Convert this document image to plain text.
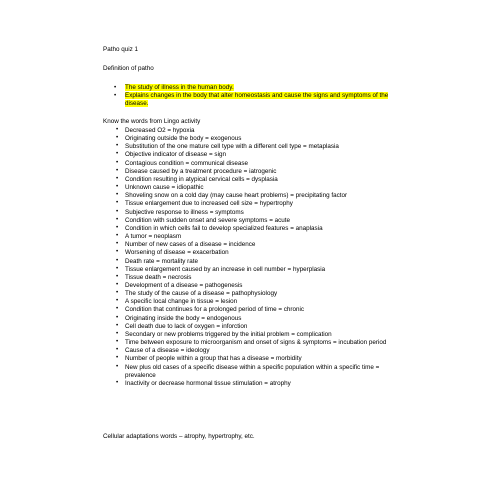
Patho quiz 1
Definition of patho
• The study of illness in the human body.
• Explains changes in the body that alter homeostasis and cause the signs and symptoms of the disease.
Know the words from Lingo activity
• Decreased O2 = hypoxia
• Originating outside the body = exogenous
• Substitution of the one mature cell type with a different cell type = metaplasia
• Objective indicator of disease = sign
• Contagious condition = communical disease
• Disease caused by a treatment procedure = iatrogenic
• Condition resulting in atypical cervical cells = dysplasia
• Unknown cause = idiopathic
• Shoveling snow on a cold day (may cause heart problems) = precipitating factor
• Tissue enlargement due to increased cell size = hypertrophy
• Subjective response to illness = symptoms
• Condition with sudden onset and severe symptoms = acute
• Condition in which cells fail to develop specialized features = anaplasia
• A tumor = neoplasm
• Number of new cases of a disease = incidence
• Worsening of disease = exacerbation
• Death rate = mortality rate
• Tissue enlargement caused by an increase in cell number = hyperplasia
• Tissue death = necrosis
• Development of a disease = pathogenesis
• The study of the cause of a disease = pathophysiology
• A specific local change in tissue = lesion
• Condition that continues for a prolonged period of time = chronic
• Originating inside the body = endogenous
• Cell death due to lack of oxygen = inforction
• Secondary or new problems triggered by the initial problem = complication
• Time between exposure to microorganism and onset of signs & symptoms = incubation period
• Cause of a disease = ideology
• Number of people within a group that has a disease = morbidity
• New plus old cases of a specific disease within a specific population within a specific time = prevalence
• Inactivity or decrease hormonal tissue stimulation = atrophy
Cellular adaptations words – atrophy, hypertrophy, etc.
